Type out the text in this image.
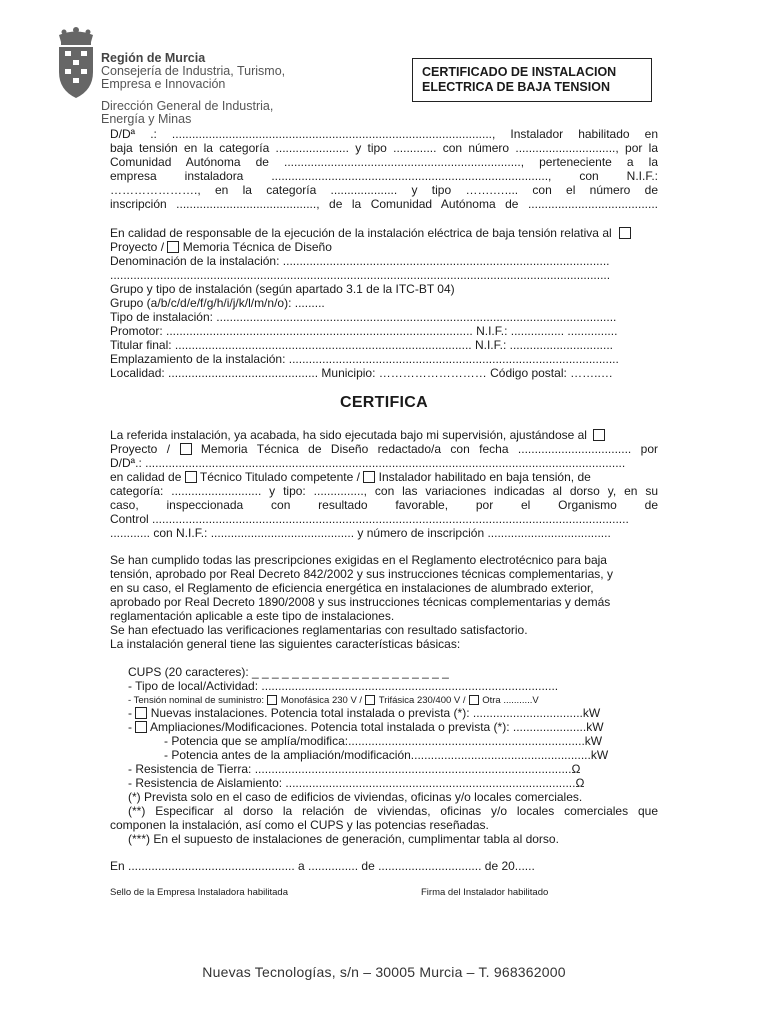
Región de Murcia
Consejería de Industria, Turismo,
Empresa e Innovación
Dirección General de Industria,
Energía y Minas
CERTIFICADO DE INSTALACION
ELECTRICA DE BAJA TENSION
D/Dª .: ................................................................................................, Instalador habilitado en
baja tensión en la categoría ...................... y tipo ............. con número .............................., por la
Comunidad Autónoma de ......................................................................., perteneciente a la
empresa instaladora ..................................................................................., con N.I.F.:
…………………., en la categoría .................... y tipo …….….... con el número de
inscripción .........................................., de la Comunidad Autónoma de .......................................
En calidad de responsable de la ejecución de la instalación eléctrica de baja tensión relativa al
Proyecto / Memoria Técnica de Diseño
Denominación de la instalación: ..................................................................................................
......................................................................................................................................................
Grupo y tipo de instalación (según apartado 3.1 de la ITC-BT 04)
Grupo (a/b/c/d/e/f/g/h/i/j/k/l/m/n/o): .........
Tipo de instalación: ........................................................................................................................
Promotor: ............................................................................................ N.I.F.: ................ ...............
Titular final: ......................................................................................... N.I.F.: ...............................
Emplazamiento de la instalación: ...................................................................................................
Localidad: ............................................. Municipio: ……………………… Código postal: ……..…
CERTIFICA
La referida instalación, ya acabada, ha sido ejecutada bajo mi supervisión, ajustándose al
Proyecto /	Memoria Técnica de Diseño redactado/a con fecha .................................. por
D/Dª.: ................................................................................................................................................
en calidad de Técnico Titulado competente / Instalador habilitado en baja tensión, de
categoría: ........................... y tipo: ..............., con las variaciones indicadas al dorso y, en su
caso, inspeccionada con resultado favorable, por el Organismo de
Control ...............................................................................................................................................
............ con N.I.F.: ........................................... y número de inscripción .....................................
Se han cumplido todas las prescripciones exigidas en el Reglamento electrotécnico para baja
tensión, aprobado por Real Decreto 842/2002 y sus instrucciones técnicas complementarias, y
en su caso, el Reglamento de eficiencia energética en instalaciones de alumbrado exterior,
aprobado por Real Decreto 1890/2008 y sus instrucciones técnicas complementarias y demás
reglamentación aplicable a este tipo de instalaciones.
Se han efectuado las verificaciones reglamentarias con resultado satisfactorio.
La instalación general tiene las siguientes características básicas:
CUPS (20 caracteres): _ _ _ _ _ _ _ _ _ _ _ _ _ _ _ _ _ _ _ _
- Tipo de local/Actividad: .........................................................................................
- Tensión nominal de suministro: Monofásica 230 V / Trifásica 230/400 V / Otra ...........V
- Nuevas instalaciones. Potencia total instalada o prevista (*): .................................kW
- Ampliaciones/Modificaciones. Potencia total instalada o prevista (*): ......................kW
- Potencia que se amplía/modifica:.......................................................................kW
- Potencia antes de la ampliación/modificación......................................................kW
- Resistencia de Tierra: ...............................................................................................Ω
- Resistencia de Aislamiento: .......................................................................................Ω
(*) Prevista solo en el caso de edificios de viviendas, oficinas y/o locales comerciales.
(**) Especificar al dorso la relación de viviendas, oficinas y/o locales comerciales que
componen la instalación, así como el CUPS y las potencias reseñadas.
(***) En el supuesto de instalaciones de generación, cumplimentar tabla al dorso.
En .................................................. a ............... de ............................... de 20......
Sello de la Empresa Instaladora habilitada	Firma del Instalador habilitado
Nuevas Tecnologías, s/n – 30005 Murcia – T. 968362000
